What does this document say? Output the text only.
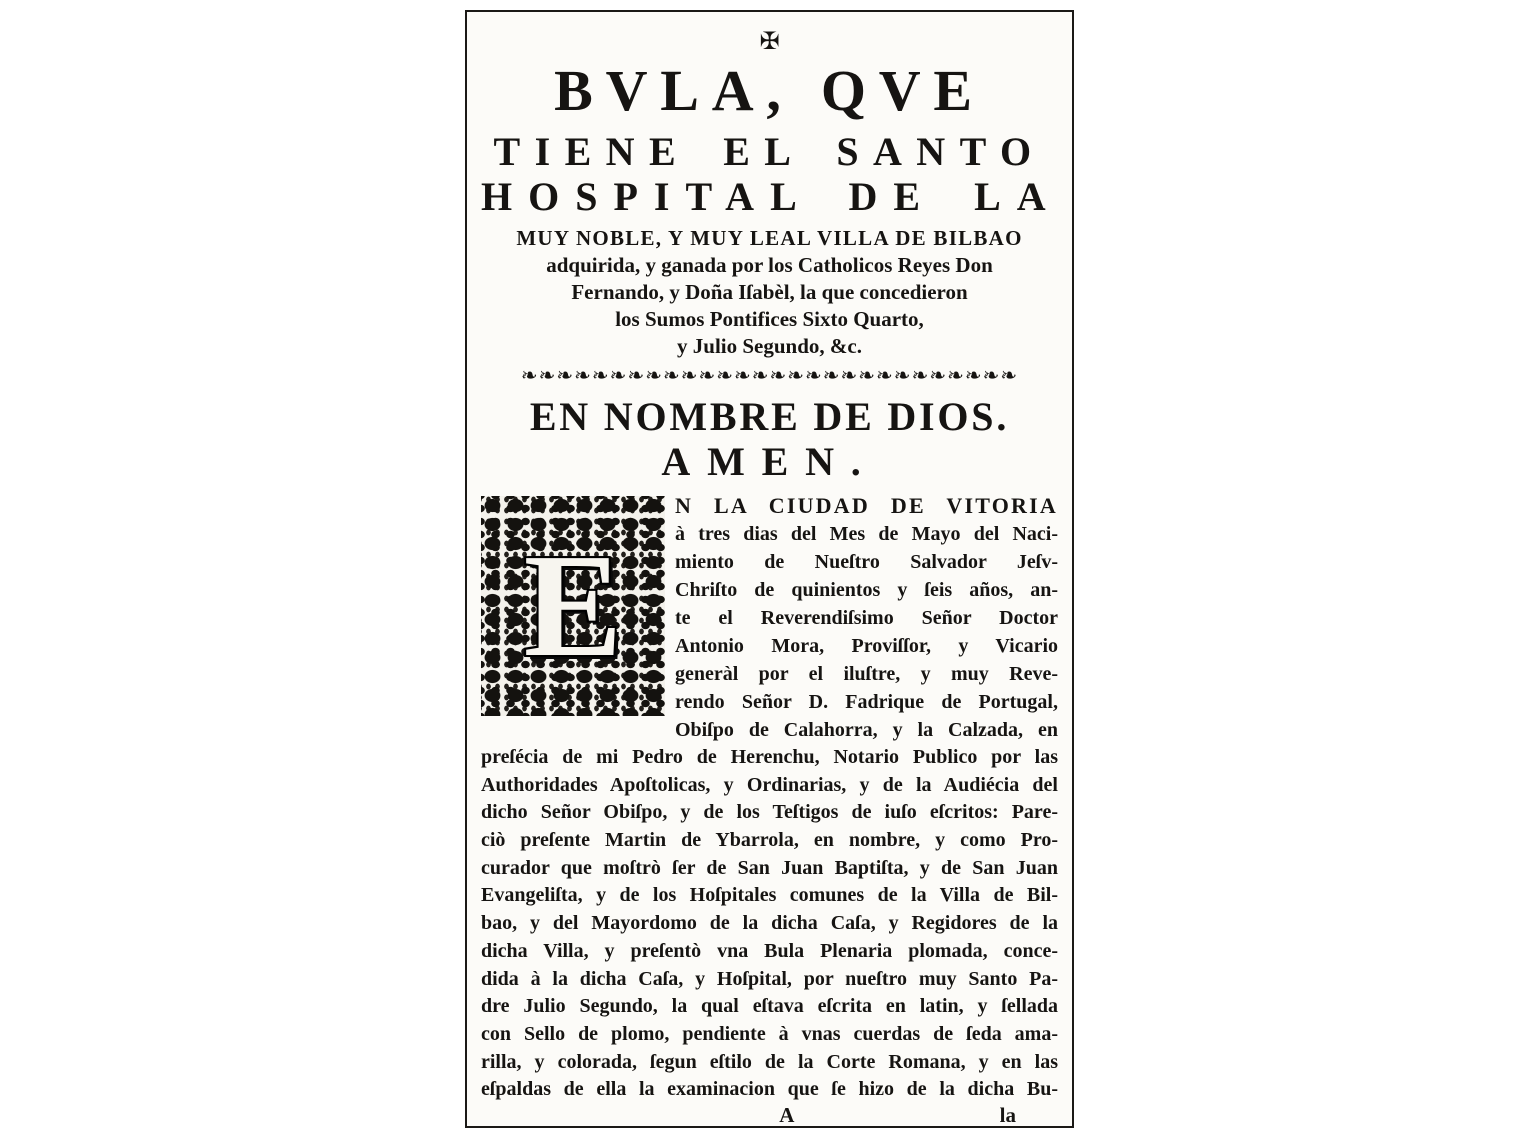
✠
BVLA, QVE
TIENE EL SANTO
HOSPITAL DE LA
MUY NOBLE, Y MUY LEAL VILLA DE BILBAO
adquirida, y ganada por los Catholicos Reyes Don
Fernando, y Doña Iſabèl, la que concedieron
los Sumos Pontifices Sixto Quarto,
y Julio Segundo, &c.
❧❧❧❧❧❧❧❧❧❧❧❧❧❧❧❧❧❧❧❧❧❧❧❧❧❧❧❧
EN NOMBRE DE DIOS.
AMEN.
E
N LA CIUDAD DE VITORIA
à tres dias del Mes de Mayo del Naci-
miento de Nueſtro Salvador Jeſv-
Chriſto de quinientos y ſeis años, an-
te el Reverendiſsimo Señor Doctor
Antonio Mora, Proviſſor, y Vicario
generàl por el iluſtre, y muy Reve-
rendo Señor D. Fadrique de Portugal,
Obiſpo de Calahorra, y la Calzada, en
preſécia de mi Pedro de Herenchu, Notario Publico por las
Authoridades Apoſtolicas, y Ordinarias, y de la Audiécia del
dicho Señor Obiſpo, y de los Teſtigos de iuſo eſcritos: Pare-
ciò preſente Martin de Ybarrola, en nombre, y como Pro-
curador que moſtrò ſer de San Juan Baptiſta, y de San Juan
Evangeliſta, y de los Hoſpitales comunes de la Villa de Bil-
bao, y del Mayordomo de la dicha Caſa, y Regidores de la
dicha Villa, y preſentò vna Bula Plenaria plomada, conce-
dida à la dicha Caſa, y Hoſpital, por nueſtro muy Santo Pa-
dre Julio Segundo, la qual eſtava eſcrita en latin, y ſellada
con Sello de plomo, pendiente à vnas cuerdas de ſeda ama-
rilla, y colorada, ſegun eſtilo de la Corte Romana, y en las
eſpaldas de ella la examinacion que ſe hizo de la dicha Bu-
A	la
